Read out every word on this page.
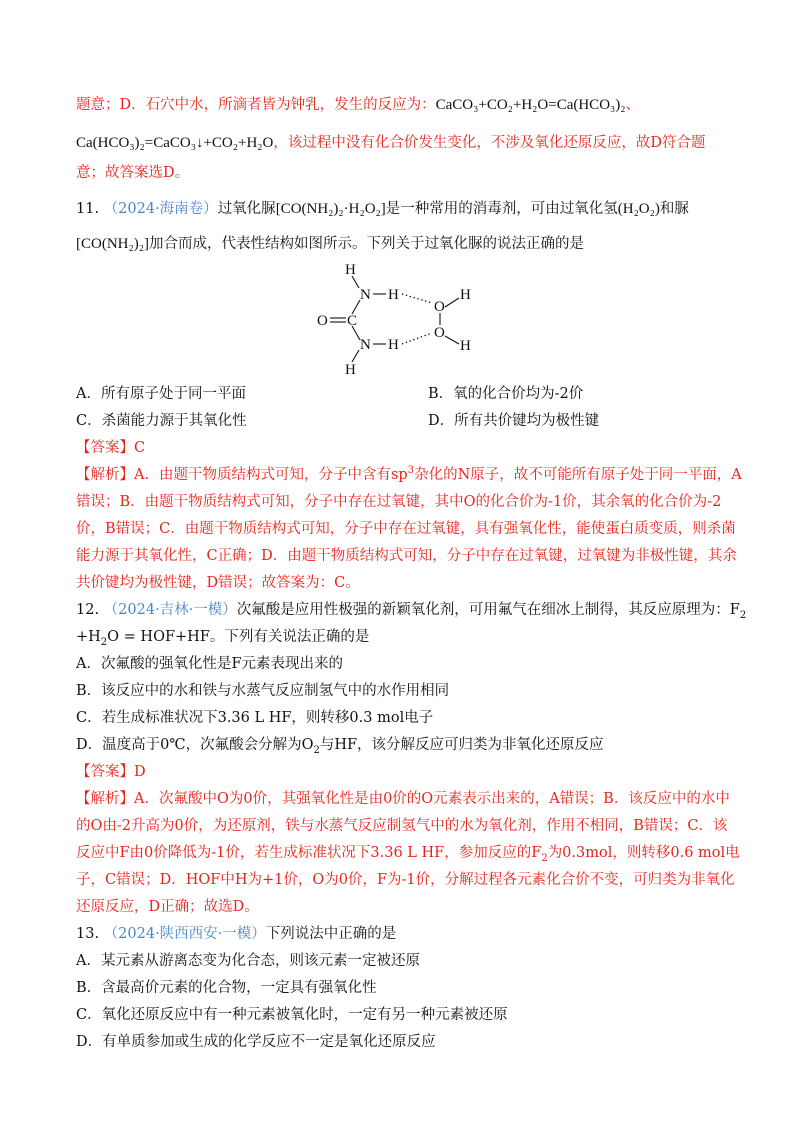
题意；D．石穴中水，所滴者皆为钟乳，发生的反应为：CaCO₃+CO₂+H₂O=Ca(HCO₃)₂、
Ca(HCO₃)₂=CaCO₃↓+CO₂+H₂O，该过程中没有化合价发生变化，不涉及氧化还原反应，故D符合题
意；故答案选D。
11. （2024·海南卷）过氧化脲[CO(NH₂)₂·H₂O₂]是一种常用的消毒剂，可由过氧化氢(H₂O₂)和脲
[CO(NH₂)₂]加合而成，代表性结构如图所示。下列关于过氧化脲的说法正确的是
H
N H
O C
N H
H
O
H
O
H
A．所有原子处于同一平面	B．氧的化合价均为-2价
C．杀菌能力源于其氧化性	D．所有共价键均为极性键
【答案】C
【解析】A．由题干物质结构式可知，分子中含有$sp^3$杂化的N原子，故不可能所有原子处于同一平面，A
错误；B．由题干物质结构式可知，分子中存在过氧键，其中O的化合价为-1价，其余氧的化合价为-2
价，B错误；C．由题干物质结构式可知，分子中存在过氧键，具有强氧化性，能使蛋白质变质，则杀菌
能力源于其氧化性，C正确；D．由题干物质结构式可知，分子中存在过氧键，过氧键为非极性键，其余
共价键均为极性键，D错误；故答案为：C。
12. （2024·吉林·一模）次氟酸是应用性极强的新颖氧化剂，可用氟气在细冰上制得，其反应原理为：$F_2$
$+H_2O = HOF+HF$。下列有关说法正确的是
A．次氟酸的强氧化性是F元素表现出来的
B．该反应中的水和铁与水蒸气反应制氢气中的水作用相同
C．若生成标准状况下3.36 L HF，则转移0.3 mol电子
D．温度高于0℃，次氟酸会分解为$O_2$与HF，该分解反应可归类为非氧化还原反应
【答案】D
【解析】A．次氟酸中O为0价，其强氧化性是由0价的O元素表示出来的，A错误；B．该反应中的水中
的O由-2升高为0价，为还原剂，铁与水蒸气反应制氢气中的水为氧化剂，作用不相同，B错误；C．该
反应中F由0价降低为-1价，若生成标准状况下3.36 L HF，参加反应的$F_2$为0.3mol，则转移0.6 mol电
子，C错误；D．HOF中H为+1价，O为0价，F为-1价，分解过程各元素化合价不变，可归类为非氧化
还原反应，D正确；故选D。
13. （2024·陕西西安·一模）下列说法中正确的是
A．某元素从游离态变为化合态，则该元素一定被还原
B．含最高价元素的化合物，一定具有强氧化性
C．氧化还原反应中有一种元素被氧化时，一定有另一种元素被还原
D．有单质参加或生成的化学反应不一定是氧化还原反应
